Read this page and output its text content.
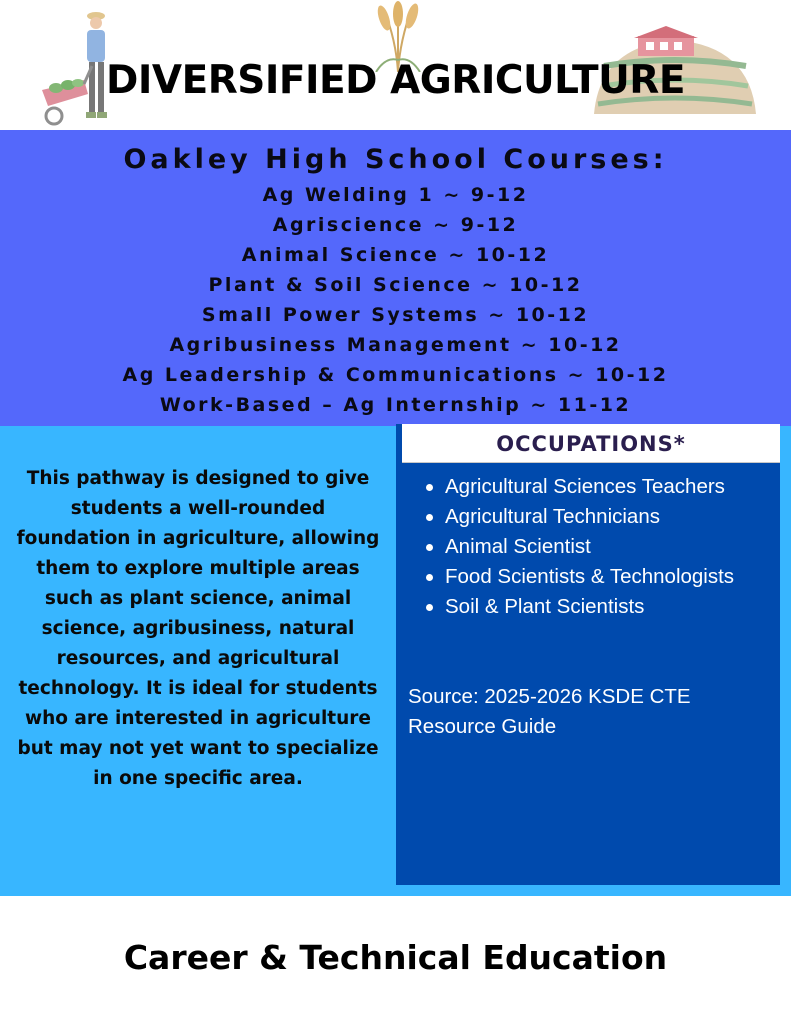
DIVERSIFIED AGRICULTURE
Oakley High School Courses:
Ag Welding 1 ~ 9-12
Agriscience ~ 9-12
Animal Science ~ 10-12
Plant & Soil Science ~ 10-12
Small Power Systems ~ 10-12
Agribusiness Management ~ 10-12
Ag Leadership & Communications ~ 10-12
Work-Based – Ag Internship ~ 11-12

This pathway is designed to give students a well-rounded foundation in agriculture, allowing them to explore multiple areas such as plant science, animal science, agribusiness, natural resources, and agricultural technology. It is ideal for students who are interested in agriculture but may not yet want to specialize in one specific area.

OCCUPATIONS*
Agricultural Sciences Teachers
Agricultural Technicians
Animal Scientist
Food Scientists & Technologists
Soil & Plant Scientists
Source: 2025-2026 KSDE CTE Resource Guide
Career & Technical Education
